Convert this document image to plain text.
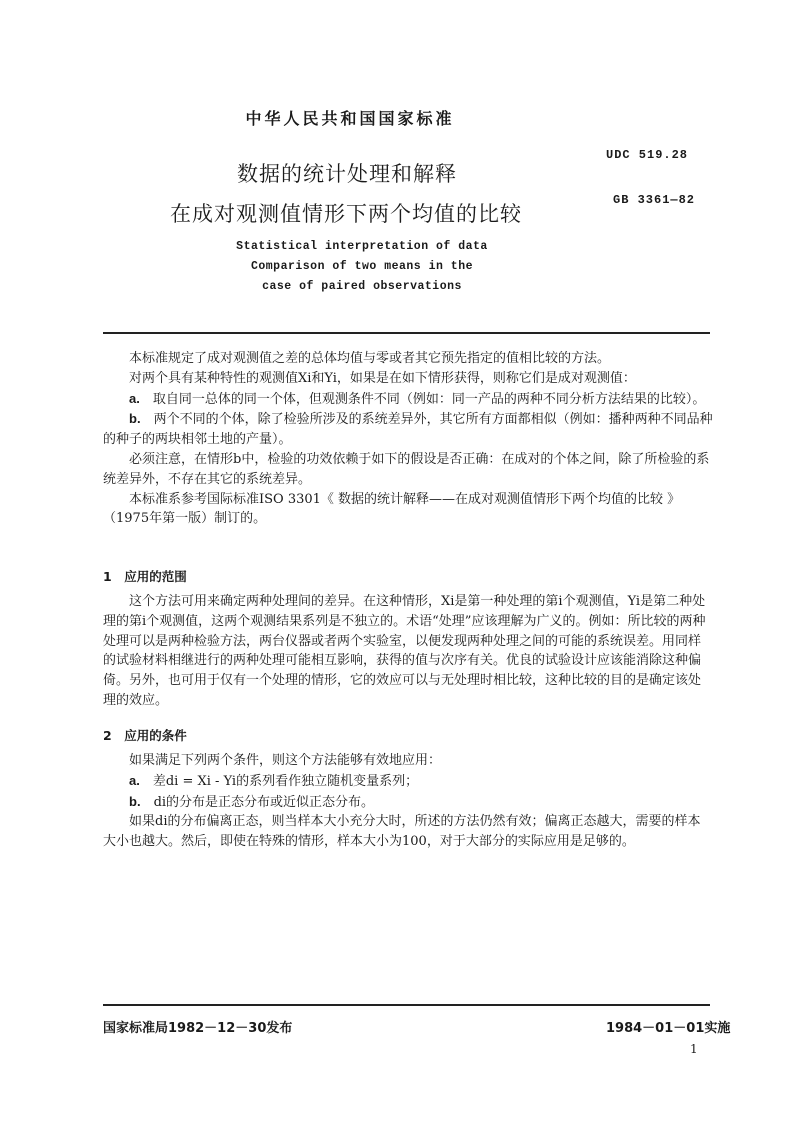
中华人民共和国国家标准
数据的统计处理和解释
在成对观测值情形下两个均值的比较
UDC 519.28
GB 3361—82
Statistical interpretation of data
Comparison of two means in the
case of paired observations

本标准规定了成对观测值之差的总体均值与零或者其它预先指定的值相比较的方法。

对两个具有某种特性的观测值Xi和Yi，如果是在如下情形获得，则称它们是成对观测值：

a.　 取自同一总体的同一个体，但观测条件不同（例如：同一产品的两种不同分析方法结果的比较）。

b.　 两个不同的个体，除了检验所涉及的系统差异外，其它所有方面都相似（例如：播种两种不同品种的种子的两块相邻土地的产量）。

必须注意，在情形b中，检验的功效依赖于如下的假设是否正确：在成对的个体之间，除了所检验的系统差异外，不存在其它的系统差异。

本标准系参考国际标准ISO 3301《 数据的统计解释——在成对观测值情形下两个均值的比较 》（1975年第一版）制订的。

1　应用的范围

这个方法可用来确定两种处理间的差异。在这种情形，Xi是第一种处理的第i个观测值，Yi是第二种处理的第i个观测值，这两个观测结果系列是不独立的。术语“处理”应该理解为广义的。例如：所比较的两种处理可以是两种检验方法，两台仪器或者两个实验室，以便发现两种处理之间的可能的系统误差。用同样的试验材料相继进行的两种处理可能相互影响，获得的值与次序有关。优良的试验设计应该能消除这种偏倚。另外，也可用于仅有一个处理的情形，它的效应可以与无处理时相比较，这种比较的目的是确定该处理的效应。

2　应用的条件

如果满足下列两个条件，则这个方法能够有效地应用：

a.　 差di = Xi - Yi的系列看作独立随机变量系列；

b.　 di的分布是正态分布或近似正态分布。

如果di的分布偏离正态，则当样本大小充分大时，所述的方法仍然有效；偏离正态越大，需要的样本大小也越大。然后，即使在特殊的情形，样本大小为100，对于大部分的实际应用是足够的。

国家标准局1982－12－30发布	1984－01－01实施
1
